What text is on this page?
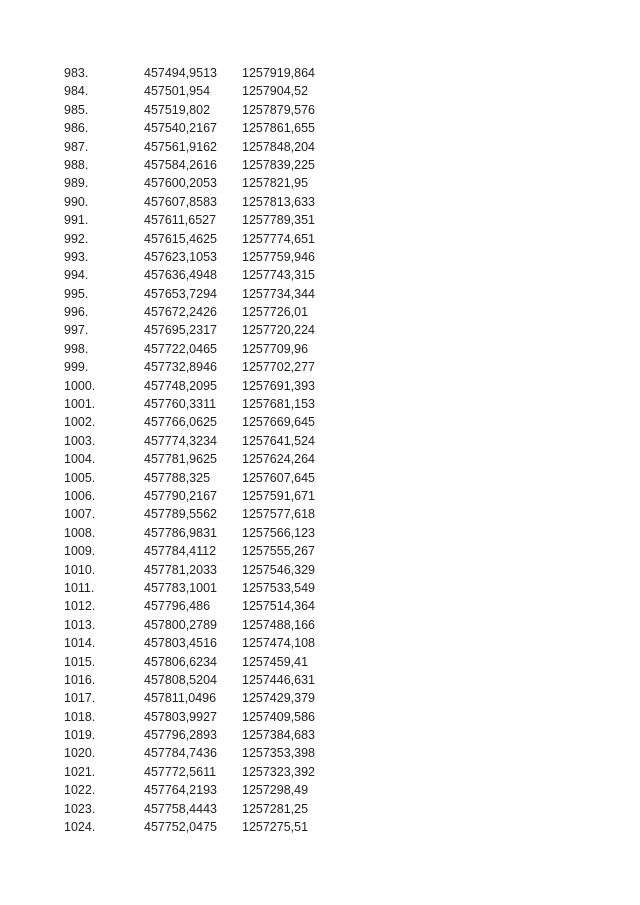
983.	457494,9513	1257919,864
984.	457501,954	1257904,52
985.	457519,802	1257879,576
986.	457540,2167	1257861,655
987.	457561,9162	1257848,204
988.	457584,2616	1257839,225
989.	457600,2053	1257821,95
990.	457607,8583	1257813,633
991.	457611,6527	1257789,351
992.	457615,4625	1257774,651
993.	457623,1053	1257759,946
994.	457636,4948	1257743,315
995.	457653,7294	1257734,344
996.	457672,2426	1257726,01
997.	457695,2317	1257720,224
998.	457722,0465	1257709,96
999.	457732,8946	1257702,277
1000.	457748,2095	1257691,393
1001.	457760,3311	1257681,153
1002.	457766,0625	1257669,645
1003.	457774,3234	1257641,524
1004.	457781,9625	1257624,264
1005.	457788,325	1257607,645
1006.	457790,2167	1257591,671
1007.	457789,5562	1257577,618
1008.	457786,9831	1257566,123
1009.	457784,4112	1257555,267
1010.	457781,2033	1257546,329
1011.	457783,1001	1257533,549
1012.	457796,486	1257514,364
1013.	457800,2789	1257488,166
1014.	457803,4516	1257474,108
1015.	457806,6234	1257459,41
1016.	457808,5204	1257446,631
1017.	457811,0496	1257429,379
1018.	457803,9927	1257409,586
1019.	457796,2893	1257384,683
1020.	457784,7436	1257353,398
1021.	457772,5611	1257323,392
1022.	457764,2193	1257298,49
1023.	457758,4443	1257281,25
1024.	457752,0475	1257275,51
